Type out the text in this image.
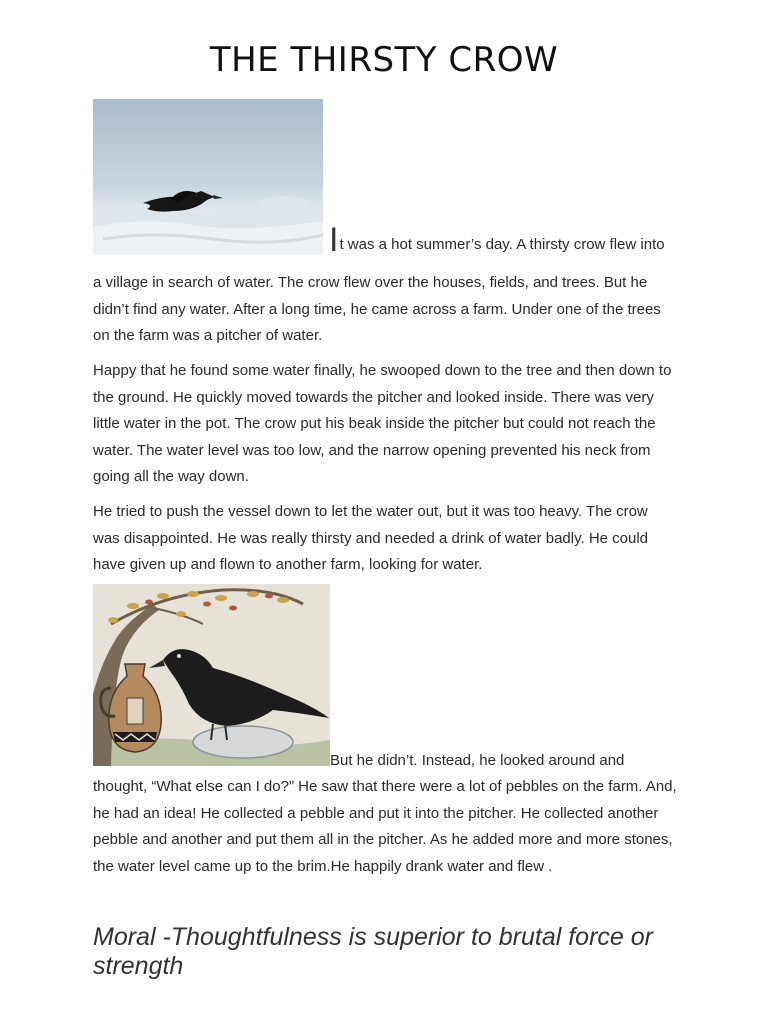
THE THIRSTY CROW

It was a hot summer’s day. A thirsty crow flew into

a village in search of water. The crow flew over the houses, fields, and trees. But he didn’t find any water. After a long time, he came across a farm. Under one of the trees on the farm was a pitcher of water.

Happy that he found some water finally, he swooped down to the tree and then down to the ground. He quickly moved towards the pitcher and looked inside. There was very little water in the pot. The crow put his beak inside the pitcher but could not reach the water. The water level was too low, and the narrow opening prevented his neck from going all the way down.

He tried to push the vessel down to let the water out, but it was too heavy. The crow was disappointed. He was really thirsty and needed a drink of water badly. He could have given up and flown to another farm, looking for water.

But he didn’t. Instead, he looked around and

thought, “What else can I do?” He saw that there were a lot of pebbles on the farm. And, he had an idea! He collected a pebble and put it into the pitcher. He collected another pebble and another and put them all in the pitcher. As he added more and more stones, the water level came up to the brim.He happily drank water and flew .

Moral -Thoughtfulness is superior to brutal force or strength
